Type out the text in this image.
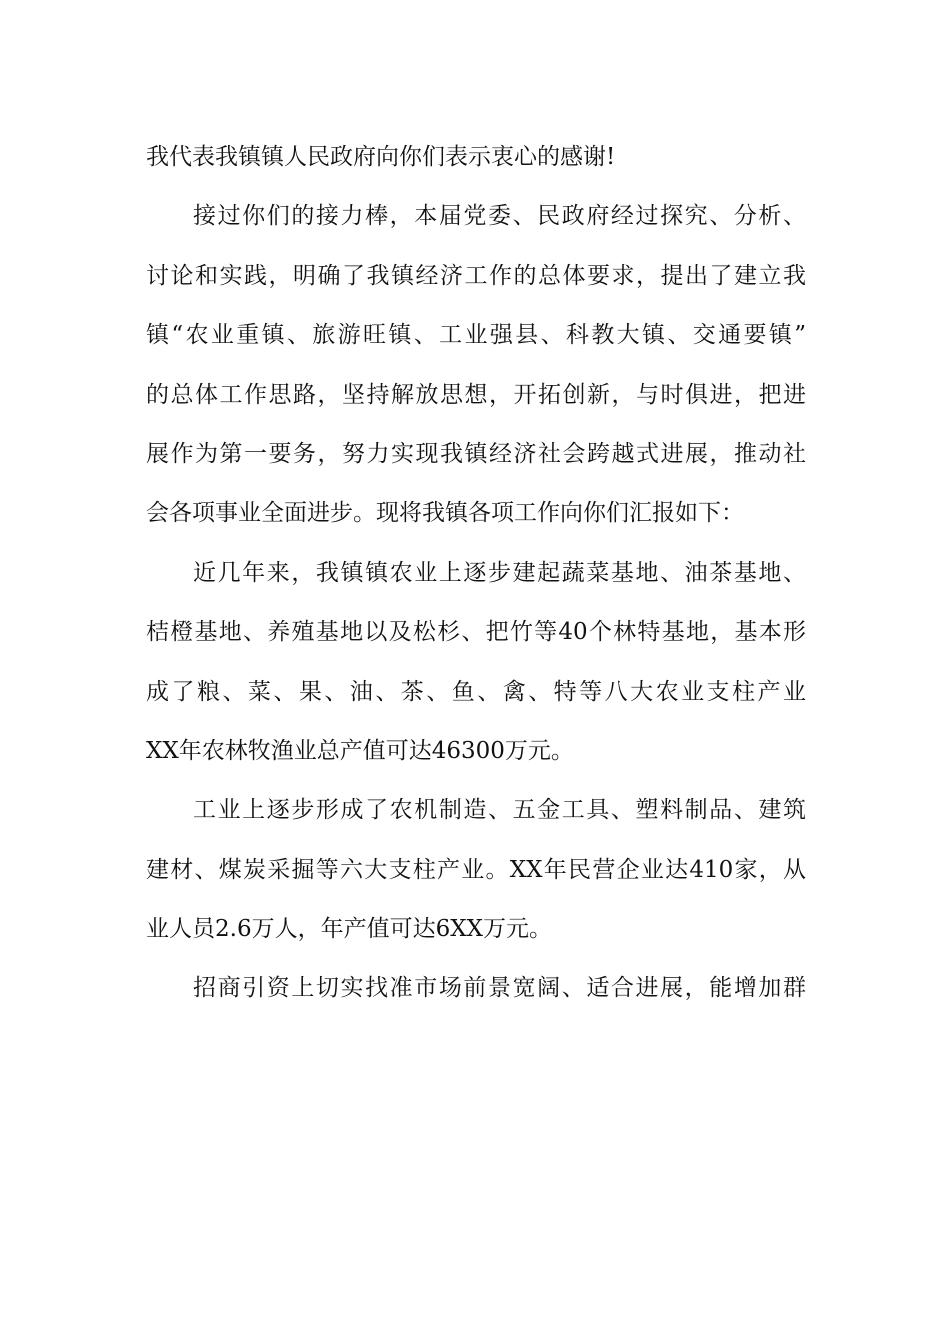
我代表我镇镇人民政府向你们表示衷心的感谢!
接过你们的接力棒，本届党委、民政府经过探究、分析、
讨论和实践，明确了我镇经济工作的总体要求，提出了建立我
镇“农业重镇、旅游旺镇、工业强县、科教大镇、交通要镇”
的总体工作思路，坚持解放思想，开拓创新，与时俱进，把进
展作为第一要务，努力实现我镇经济社会跨越式进展，推动社
会各项事业全面进步。现将我镇各项工作向你们汇报如下：
近几年来，我镇镇农业上逐步建起蔬菜基地、油茶基地、
桔橙基地、养殖基地以及松杉、把竹等40个林特基地，基本形
成了粮、菜、果、油、茶、鱼、禽、特等八大农业支柱产业
XX年农林牧渔业总产值可达46300万元。
工业上逐步形成了农机制造、五金工具、塑料制品、建筑
建材、煤炭采掘等六大支柱产业。XX年民营企业达410家，从
业人员2.6万人，年产值可达6XX万元。
招商引资上切实找准市场前景宽阔、适合进展，能增加群
